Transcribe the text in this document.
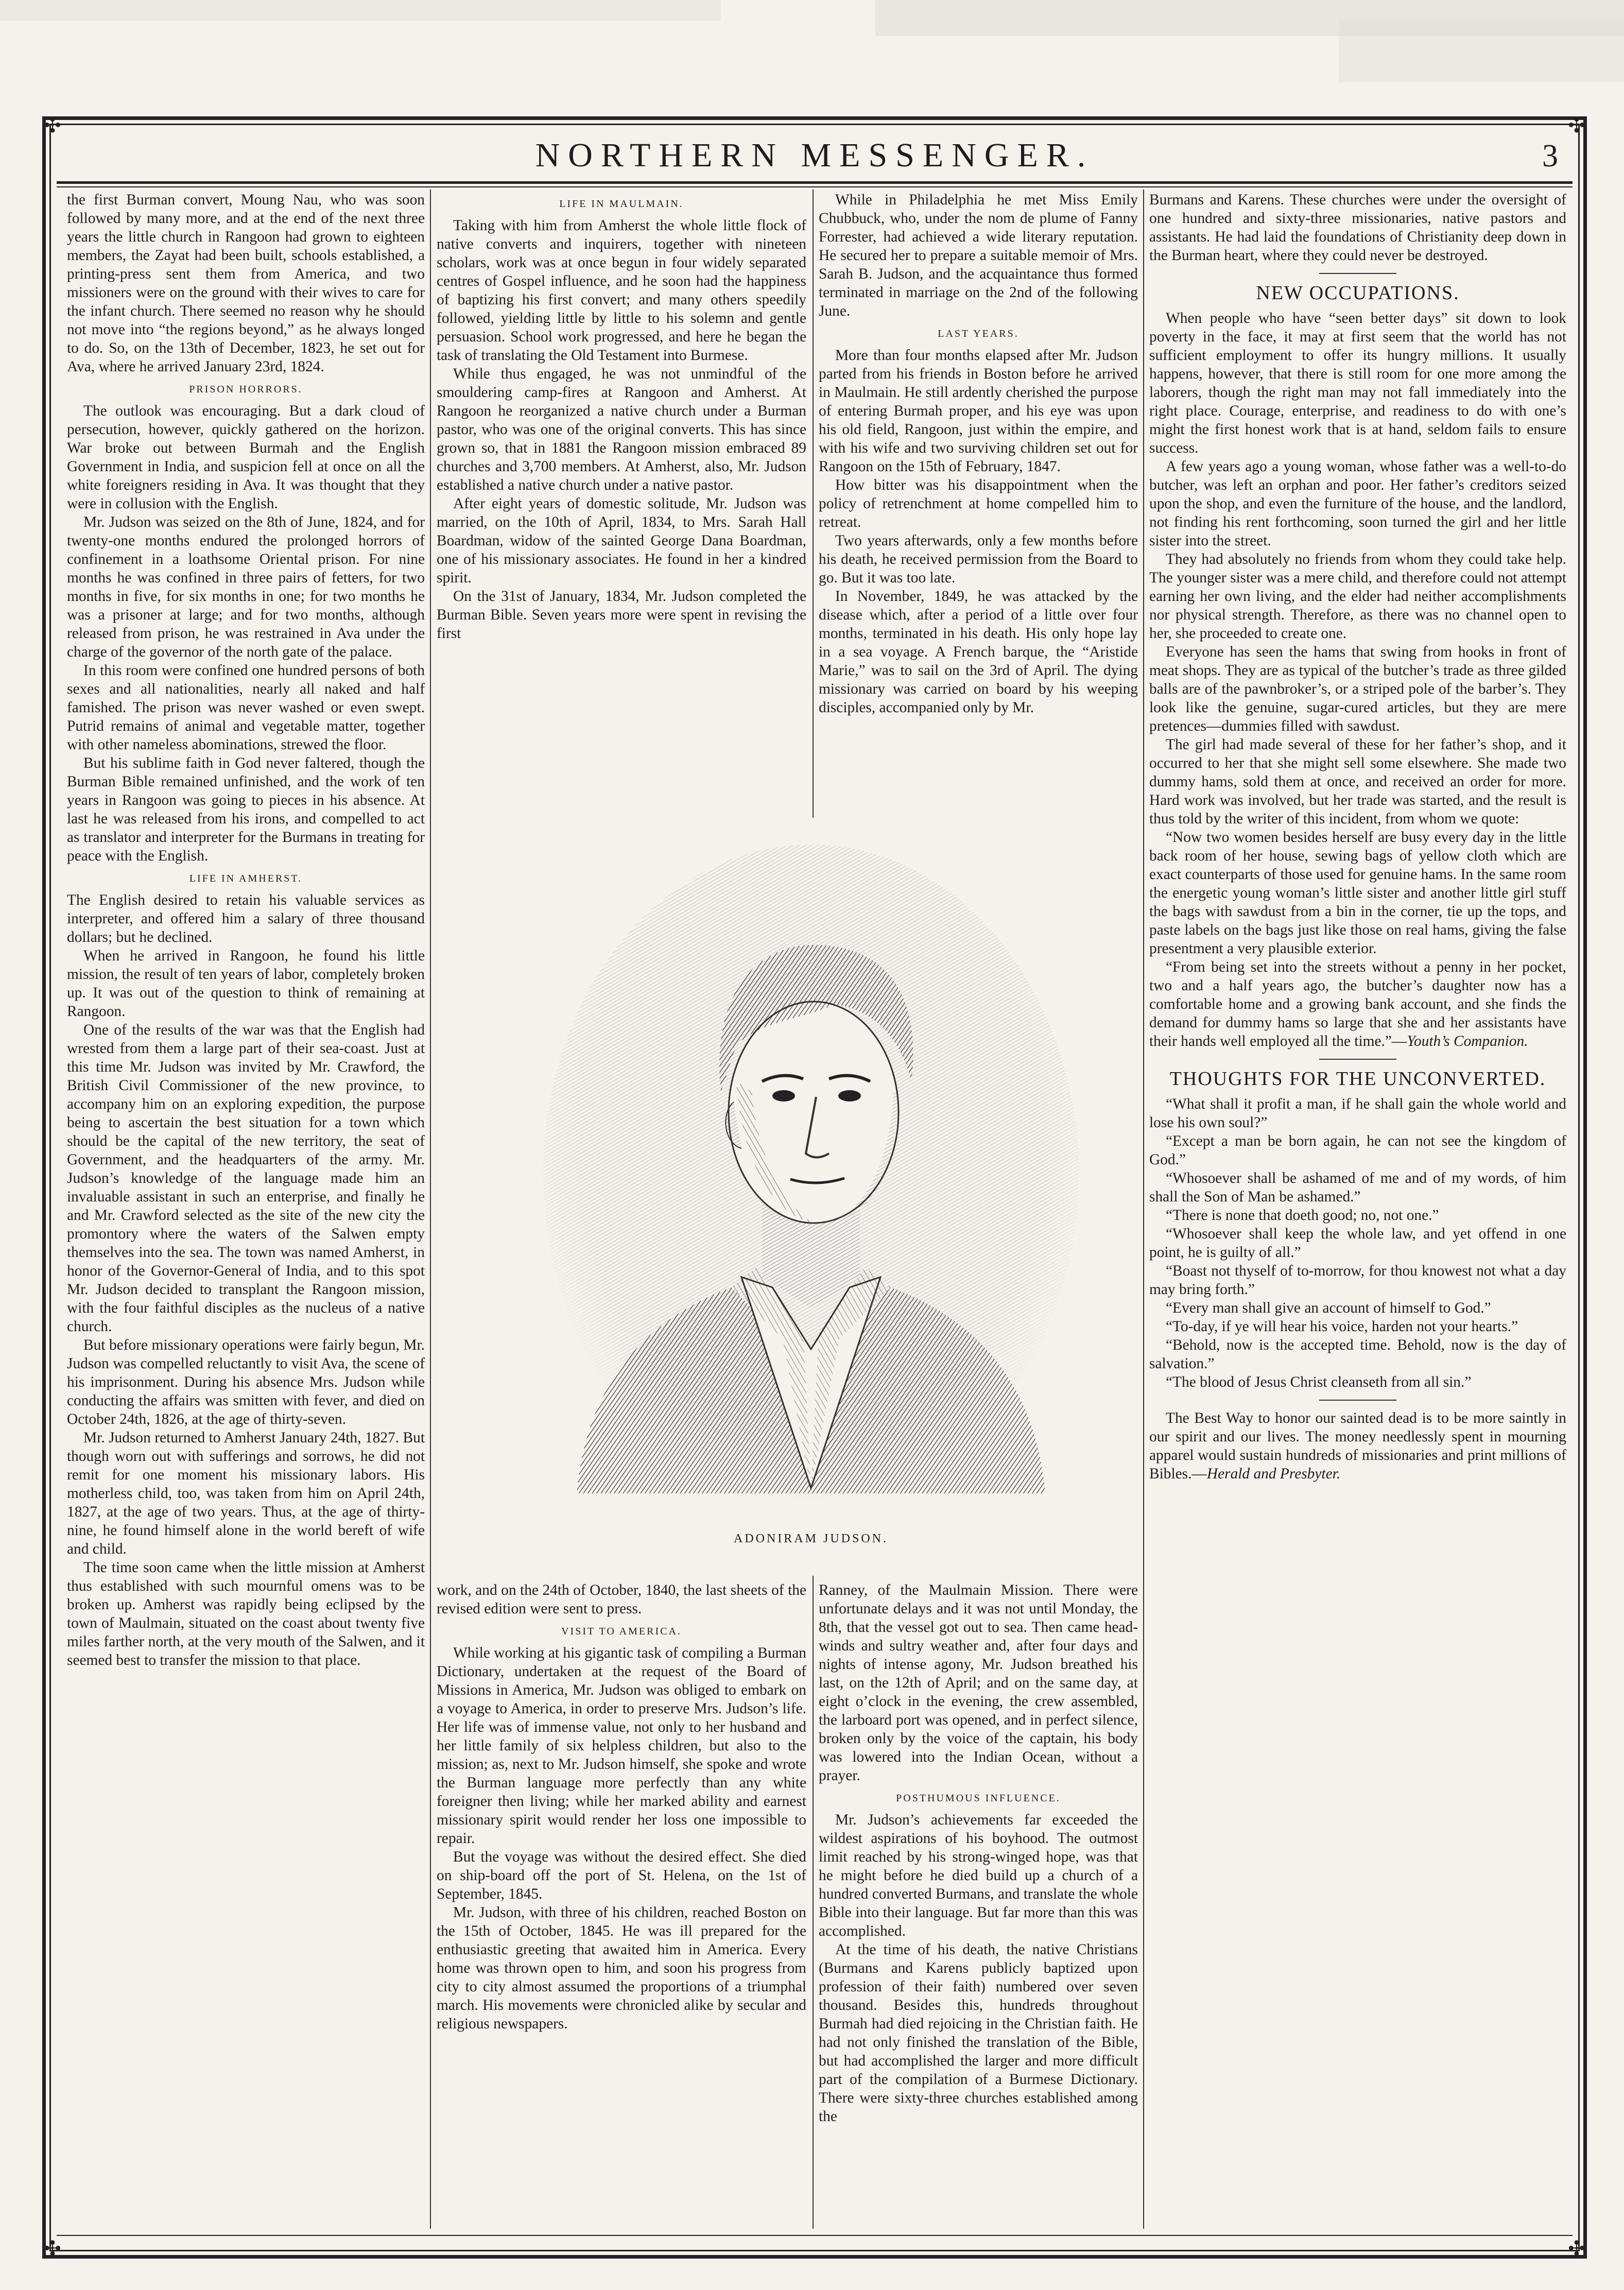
✣	✣
✣	✣
NORTHERN MESSENGER.	3

the first Burman convert, Moung Nau, who was soon followed by many more, and at the end of the next three years the little church in Rangoon had grown to eighteen members, the Zayat had been built, schools established, a printing-press sent them from America, and two missioners were on the ground with their wives to care for the infant church. There seemed no reason why he should not move into “the regions beyond,” as he always longed to do. So, on the 13th of December, 1823, he set out for Ava, where he arrived January 23rd, 1824.

PRISON HORRORS.

The outlook was encouraging. But a dark cloud of persecution, however, quickly gathered on the horizon. War broke out between Burmah and the English Government in India, and suspicion fell at once on all the white foreigners residing in Ava. It was thought that they were in collusion with the English.

Mr. Judson was seized on the 8th of June, 1824, and for twenty-one months endured the prolonged horrors of confinement in a loathsome Oriental prison. For nine months he was confined in three pairs of fetters, for two months in five, for six months in one; for two months he was a prisoner at large; and for two months, although released from prison, he was restrained in Ava under the charge of the governor of the north gate of the palace.

In this room were confined one hundred persons of both sexes and all nationalities, nearly all naked and half famished. The prison was never washed or even swept. Putrid remains of animal and vegetable matter, together with other nameless abominations, strewed the floor.

But his sublime faith in God never faltered, though the Burman Bible remained unfinished, and the work of ten years in Rangoon was going to pieces in his absence. At last he was released from his irons, and compelled to act as translator and interpreter for the Burmans in treating for peace with the English.

LIFE IN AMHERST.

The English desired to retain his valuable services as interpreter, and offered him a salary of three thousand dollars; but he declined.

When he arrived in Rangoon, he found his little mission, the result of ten years of labor, completely broken up. It was out of the question to think of remaining at Rangoon.

One of the results of the war was that the English had wrested from them a large part of their sea-coast. Just at this time Mr. Judson was invited by Mr. Crawford, the British Civil Commissioner of the new province, to accompany him on an exploring expedition, the purpose being to ascertain the best situation for a town which should be the capital of the new territory, the seat of Government, and the headquarters of the army. Mr. Judson’s knowledge of the language made him an invaluable assistant in such an enterprise, and finally he and Mr. Crawford selected as the site of the new city the promontory where the waters of the Salwen empty themselves into the sea. The town was named Amherst, in honor of the Governor-General of India, and to this spot Mr. Judson decided to transplant the Rangoon mission, with the four faithful disciples as the nucleus of a native church.

But before missionary operations were fairly begun, Mr. Judson was compelled reluctantly to visit Ava, the scene of his imprisonment. During his absence Mrs. Judson while conducting the affairs was smitten with fever, and died on October 24th, 1826, at the age of thirty-seven.

Mr. Judson returned to Amherst January 24th, 1827. But though worn out with sufferings and sorrows, he did not remit for one moment his missionary labors. His motherless child, too, was taken from him on April 24th, 1827, at the age of two years. Thus, at the age of thirty-nine, he found himself alone in the world bereft of wife and child.

The time soon came when the little mission at Amherst thus established with such mournful omens was to be broken up. Amherst was rapidly being eclipsed by the town of Maulmain, situated on the coast about twenty five miles farther north, at the very mouth of the Salwen, and it seemed best to transfer the mission to that place.

LIFE IN MAULMAIN.

Taking with him from Amherst the whole little flock of native converts and inquirers, together with nineteen scholars, work was at once begun in four widely separated centres of Gospel influence, and he soon had the happiness of baptizing his first convert; and many others speedily followed, yielding little by little to his solemn and gentle persuasion. School work progressed, and here he began the task of translating the Old Testament into Burmese.

While thus engaged, he was not unmindful of the smouldering camp-fires at Rangoon and Amherst. At Rangoon he reorganized a native church under a Burman pastor, who was one of the original converts. This has since grown so, that in 1881 the Rangoon mission embraced 89 churches and 3,700 members. At Amherst, also, Mr. Judson established a native church under a native pastor.

After eight years of domestic solitude, Mr. Judson was married, on the 10th of April, 1834, to Mrs. Sarah Hall Boardman, widow of the sainted George Dana Boardman, one of his missionary associates. He found in her a kindred spirit.

On the 31st of January, 1834, Mr. Judson completed the Burman Bible. Seven years more were spent in revising the first

While in Philadelphia he met Miss Emily Chubbuck, who, under the nom de plume of Fanny Forrester, had achieved a wide literary reputation. He secured her to prepare a suitable memoir of Mrs. Sarah B. Judson, and the acquaintance thus formed terminated in marriage on the 2nd of the following June.

LAST YEARS.

More than four months elapsed after Mr. Judson parted from his friends in Boston before he arrived in Maulmain. He still ardently cherished the purpose of entering Burmah proper, and his eye was upon his old field, Rangoon, just within the empire, and with his wife and two surviving children set out for Rangoon on the 15th of February, 1847.

How bitter was his disappointment when the policy of retrenchment at home compelled him to retreat.

Two years afterwards, only a few months before his death, he received permission from the Board to go. But it was too late.

In November, 1849, he was attacked by the disease which, after a period of a little over four months, terminated in his death. His only hope lay in a sea voyage. A French barque, the “Aristide Marie,” was to sail on the 3rd of April. The dying missionary was carried on board by his weeping disciples, accompanied only by Mr.

ADONIRAM JUDSON.

work, and on the 24th of October, 1840, the last sheets of the revised edition were sent to press.

VISIT TO AMERICA.

While working at his gigantic task of compiling a Burman Dictionary, undertaken at the request of the Board of Missions in America, Mr. Judson was obliged to embark on a voyage to America, in order to preserve Mrs. Judson’s life. Her life was of immense value, not only to her husband and her little family of six helpless children, but also to the mission; as, next to Mr. Judson himself, she spoke and wrote the Burman language more perfectly than any white foreigner then living; while her marked ability and earnest missionary spirit would render her loss one impossible to repair.

But the voyage was without the desired effect. She died on ship-board off the port of St. Helena, on the 1st of September, 1845.

Mr. Judson, with three of his children, reached Boston on the 15th of October, 1845. He was ill prepared for the enthusiastic greeting that awaited him in America. Every home was thrown open to him, and soon his progress from city to city almost assumed the proportions of a triumphal march. His movements were chronicled alike by secular and religious newspapers.

Ranney, of the Maulmain Mission. There were unfortunate delays and it was not until Monday, the 8th, that the vessel got out to sea. Then came head-winds and sultry weather and, after four days and nights of intense agony, Mr. Judson breathed his last, on the 12th of April; and on the same day, at eight o’clock in the evening, the crew assembled, the larboard port was opened, and in perfect silence, broken only by the voice of the captain, his body was lowered into the Indian Ocean, without a prayer.

POSTHUMOUS INFLUENCE.

Mr. Judson’s achievements far exceeded the wildest aspirations of his boyhood. The outmost limit reached by his strong-winged hope, was that he might before he died build up a church of a hundred converted Burmans, and translate the whole Bible into their language. But far more than this was accomplished.

At the time of his death, the native Christians (Burmans and Karens publicly baptized upon profession of their faith) numbered over seven thousand. Besides this, hundreds throughout Burmah had died rejoicing in the Christian faith. He had not only finished the translation of the Bible, but had accomplished the larger and more difficult part of the compilation of a Burmese Dictionary. There were sixty-three churches established among the

Burmans and Karens. These churches were under the oversight of one hundred and sixty-three missionaries, native pastors and assistants. He had laid the foundations of Christianity deep down in the Burman heart, where they could never be destroyed.

NEW OCCUPATIONS.

When people who have “seen better days” sit down to look poverty in the face, it may at first seem that the world has not sufficient employment to offer its hungry millions. It usually happens, however, that there is still room for one more among the laborers, though the right man may not fall immediately into the right place. Courage, enterprise, and readiness to do with one’s might the first honest work that is at hand, seldom fails to ensure success.

A few years ago a young woman, whose father was a well-to-do butcher, was left an orphan and poor. Her father’s creditors seized upon the shop, and even the furniture of the house, and the landlord, not finding his rent forthcoming, soon turned the girl and her little sister into the street.

They had absolutely no friends from whom they could take help. The younger sister was a mere child, and therefore could not attempt earning her own living, and the elder had neither accomplishments nor physical strength. Therefore, as there was no channel open to her, she proceeded to create one.

Everyone has seen the hams that swing from hooks in front of meat shops. They are as typical of the butcher’s trade as three gilded balls are of the pawnbroker’s, or a striped pole of the barber’s. They look like the genuine, sugar-cured articles, but they are mere pretences—dummies filled with sawdust.

The girl had made several of these for her father’s shop, and it occurred to her that she might sell some elsewhere. She made two dummy hams, sold them at once, and received an order for more. Hard work was involved, but her trade was started, and the result is thus told by the writer of this incident, from whom we quote:

“Now two women besides herself are busy every day in the little back room of her house, sewing bags of yellow cloth which are exact counterparts of those used for genuine hams. In the same room the energetic young woman’s little sister and another little girl stuff the bags with sawdust from a bin in the corner, tie up the tops, and paste labels on the bags just like those on real hams, giving the false presentment a very plausible exterior.

“From being set into the streets without a penny in her pocket, two and a half years ago, the butcher’s daughter now has a comfortable home and a growing bank account, and she finds the demand for dummy hams so large that she and her assistants have their hands well employed all the time.”—Youth’s Companion.

THOUGHTS FOR THE UNCONVERTED.

“What shall it profit a man, if he shall gain the whole world and lose his own soul?”

“Except a man be born again, he can not see the kingdom of God.”

“Whosoever shall be ashamed of me and of my words, of him shall the Son of Man be ashamed.”

“There is none that doeth good; no, not one.”

“Whosoever shall keep the whole law, and yet offend in one point, he is guilty of all.”

“Boast not thyself of to-morrow, for thou knowest not what a day may bring forth.”

“Every man shall give an account of himself to God.”

“To-day, if ye will hear his voice, harden not your hearts.”

“Behold, now is the accepted time. Behold, now is the day of salvation.”

“The blood of Jesus Christ cleanseth from all sin.”

The Best Way to honor our sainted dead is to be more saintly in our spirit and our lives. The money needlessly spent in mourning apparel would sustain hundreds of missionaries and print millions of Bibles.—Herald and Presbyter.
